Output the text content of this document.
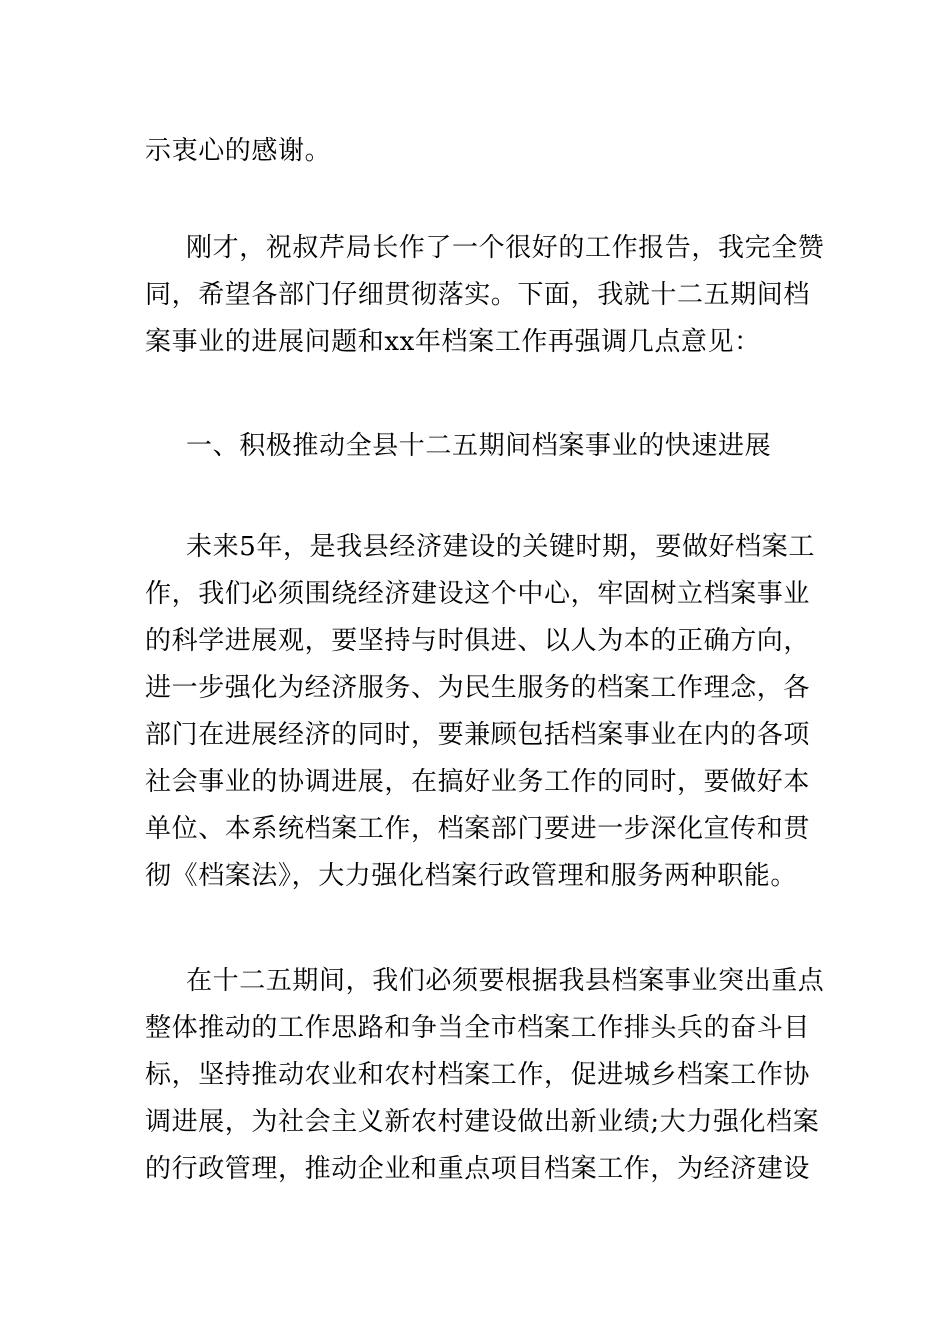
示衷心的感谢。
刚才，祝叔芹局长作了一个很好的工作报告，我完全赞
同，希望各部门仔细贯彻落实。下面，我就十二五期间档
案事业的进展问题和xx年档案工作再强调几点意见：
一、积极推动全县十二五期间档案事业的快速进展
未来5年，是我县经济建设的关键时期，要做好档案工
作，我们必须围绕经济建设这个中心，牢固树立档案事业
的科学进展观，要坚持与时俱进、以人为本的正确方向，
进一步强化为经济服务、为民生服务的档案工作理念，各
部门在进展经济的同时，要兼顾包括档案事业在内的各项
社会事业的协调进展，在搞好业务工作的同时，要做好本
单位、本系统档案工作，档案部门要进一步深化宣传和贯
彻《档案法》，大力强化档案行政管理和服务两种职能。
在十二五期间，我们必须要根据我县档案事业突出重点
整体推动的工作思路和争当全市档案工作排头兵的奋斗目
标，坚持推动农业和农村档案工作，促进城乡档案工作协
调进展，为社会主义新农村建设做出新业绩;大力强化档案
的行政管理，推动企业和重点项目档案工作，为经济建设
